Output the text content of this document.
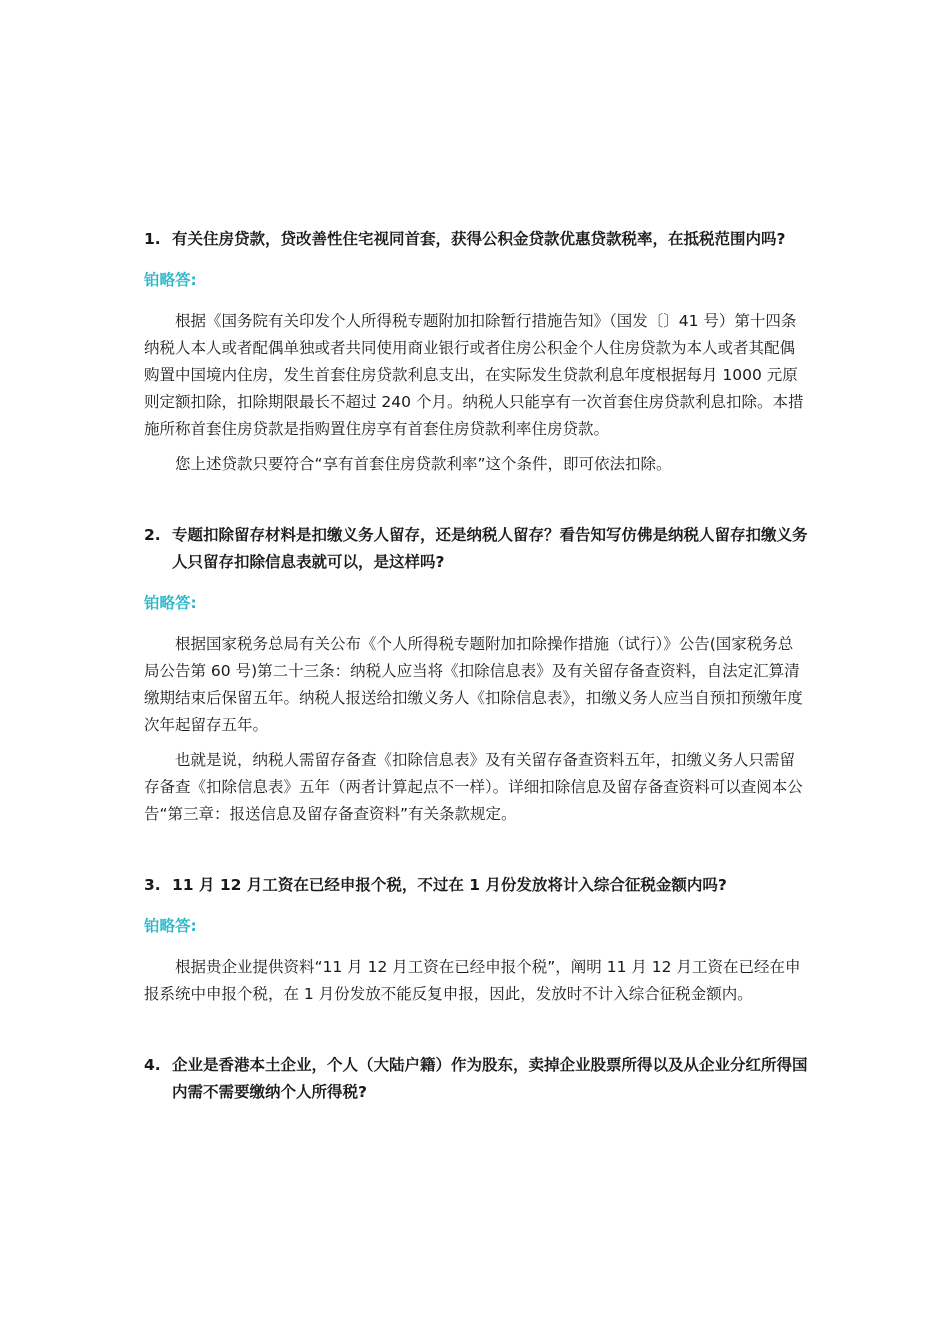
1. 有关住房贷款，贷改善性住宅视同首套，获得公积金贷款优惠贷款税率，在抵税范围内吗?

铂略答:

根据《国务院有关印发个人所得税专题附加扣除暂行措施告知》（国发〔〕41 号）第十四条 纳税人本人或者配偶单独或者共同使用商业银行或者住房公积金个人住房贷款为本人或者其配偶购置中国境内住房，发生首套住房贷款利息支出，在实际发生贷款利息年度根据每月 1000 元原则定额扣除，扣除期限最长不超过 240 个月。纳税人只能享有一次首套住房贷款利息扣除。本措施所称首套住房贷款是指购置住房享有首套住房贷款利率住房贷款。

您上述贷款只要符合“享有首套住房贷款利率”这个条件，即可依法扣除。

2. 专题扣除留存材料是扣缴义务人留存，还是纳税人留存？看告知写仿佛是纳税人留存扣缴义务人只留存扣除信息表就可以，是这样吗?

铂略答:

根据国家税务总局有关公布《个人所得税专题附加扣除操作措施（试行）》公告(国家税务总局公告第 60 号)第二十三条：纳税人应当将《扣除信息表》及有关留存备查资料，自法定汇算清缴期结束后保留五年。纳税人报送给扣缴义务人《扣除信息表》，扣缴义务人应当自预扣预缴年度次年起留存五年。

也就是说，纳税人需留存备查《扣除信息表》及有关留存备查资料五年，扣缴义务人只需留存备查《扣除信息表》五年（两者计算起点不一样）。详细扣除信息及留存备查资料可以查阅本公告“第三章：报送信息及留存备查资料”有关条款规定。

3. 11 月 12 月工资在已经申报个税，不过在 1 月份发放将计入综合征税金额内吗?

铂略答:

根据贵企业提供资料“11 月 12 月工资在已经申报个税”，阐明 11 月 12 月工资在已经在申报系统中申报个税，在 1 月份发放不能反复申报，因此，发放时不计入综合征税金额内。

4. 企业是香港本土企业，个人（大陆户籍）作为股东，卖掉企业股票所得以及从企业分红所得国内需不需要缴纳个人所得税?
